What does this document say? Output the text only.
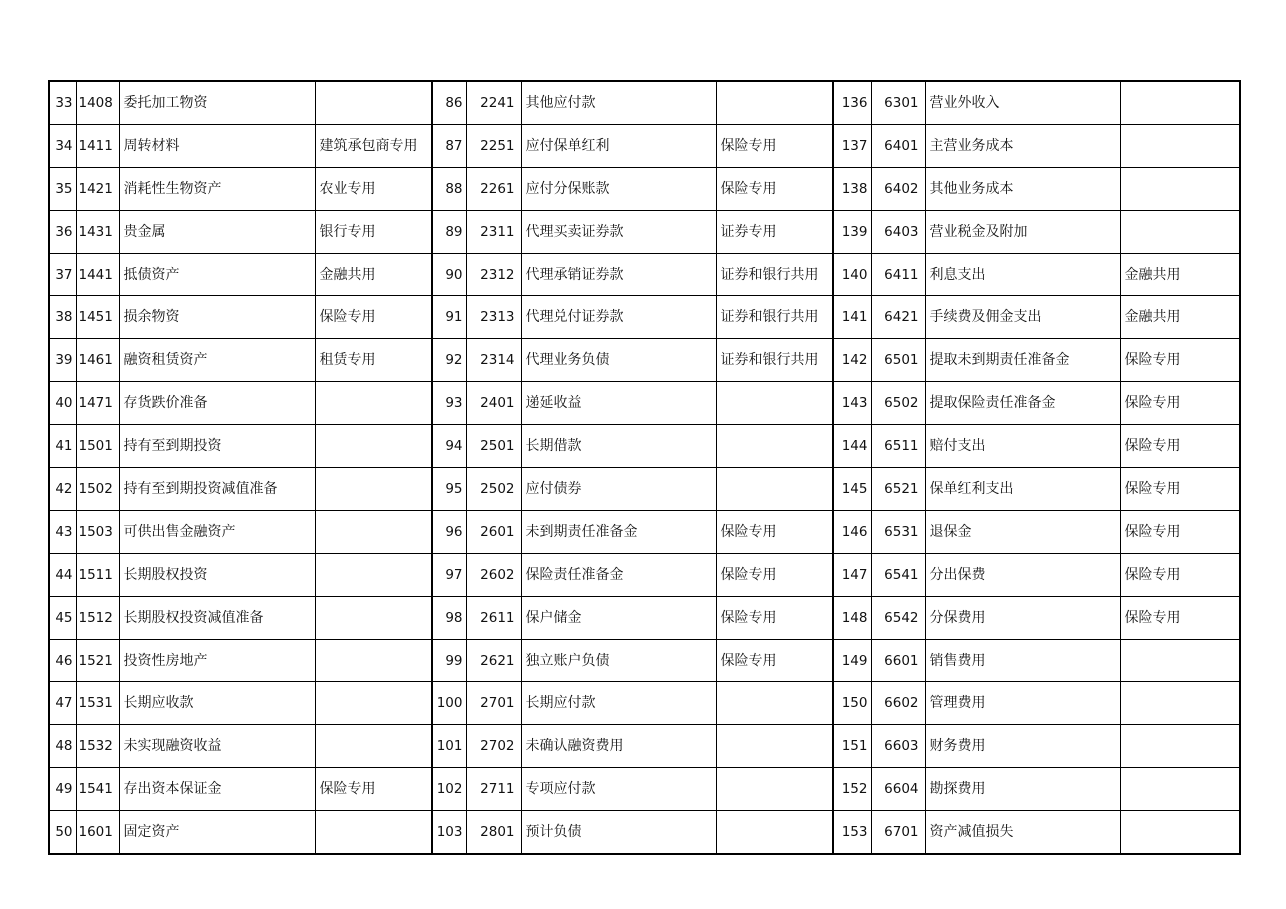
33	1408	委托加工物资		86	2241	其他应付款		136	6301	营业外收入	
34	1411	周转材料	建筑承包商专用	87	2251	应付保单红利	保险专用	137	6401	主营业务成本	
35	1421	消耗性生物资产	农业专用	88	2261	应付分保账款	保险专用	138	6402	其他业务成本	
36	1431	贵金属	银行专用	89	2311	代理买卖证券款	证券专用	139	6403	营业税金及附加	
37	1441	抵债资产	金融共用	90	2312	代理承销证券款	证券和银行共用	140	6411	利息支出	金融共用
38	1451	损余物资	保险专用	91	2313	代理兑付证券款	证券和银行共用	141	6421	手续费及佣金支出	金融共用
39	1461	融资租赁资产	租赁专用	92	2314	代理业务负债	证券和银行共用	142	6501	提取未到期责任准备金	保险专用
40	1471	存货跌价准备		93	2401	递延收益		143	6502	提取保险责任准备金	保险专用
41	1501	持有至到期投资		94	2501	长期借款		144	6511	赔付支出	保险专用
42	1502	持有至到期投资减值准备		95	2502	应付债券		145	6521	保单红利支出	保险专用
43	1503	可供出售金融资产		96	2601	未到期责任准备金	保险专用	146	6531	退保金	保险专用
44	1511	长期股权投资		97	2602	保险责任准备金	保险专用	147	6541	分出保费	保险专用
45	1512	长期股权投资减值准备		98	2611	保户储金	保险专用	148	6542	分保费用	保险专用
46	1521	投资性房地产		99	2621	独立账户负债	保险专用	149	6601	销售费用	
47	1531	长期应收款		100	2701	长期应付款		150	6602	管理费用	
48	1532	未实现融资收益		101	2702	未确认融资费用		151	6603	财务费用	
49	1541	存出资本保证金	保险专用	102	2711	专项应付款		152	6604	勘探费用	
50	1601	固定资产		103	2801	预计负债		153	6701	资产减值损失	
